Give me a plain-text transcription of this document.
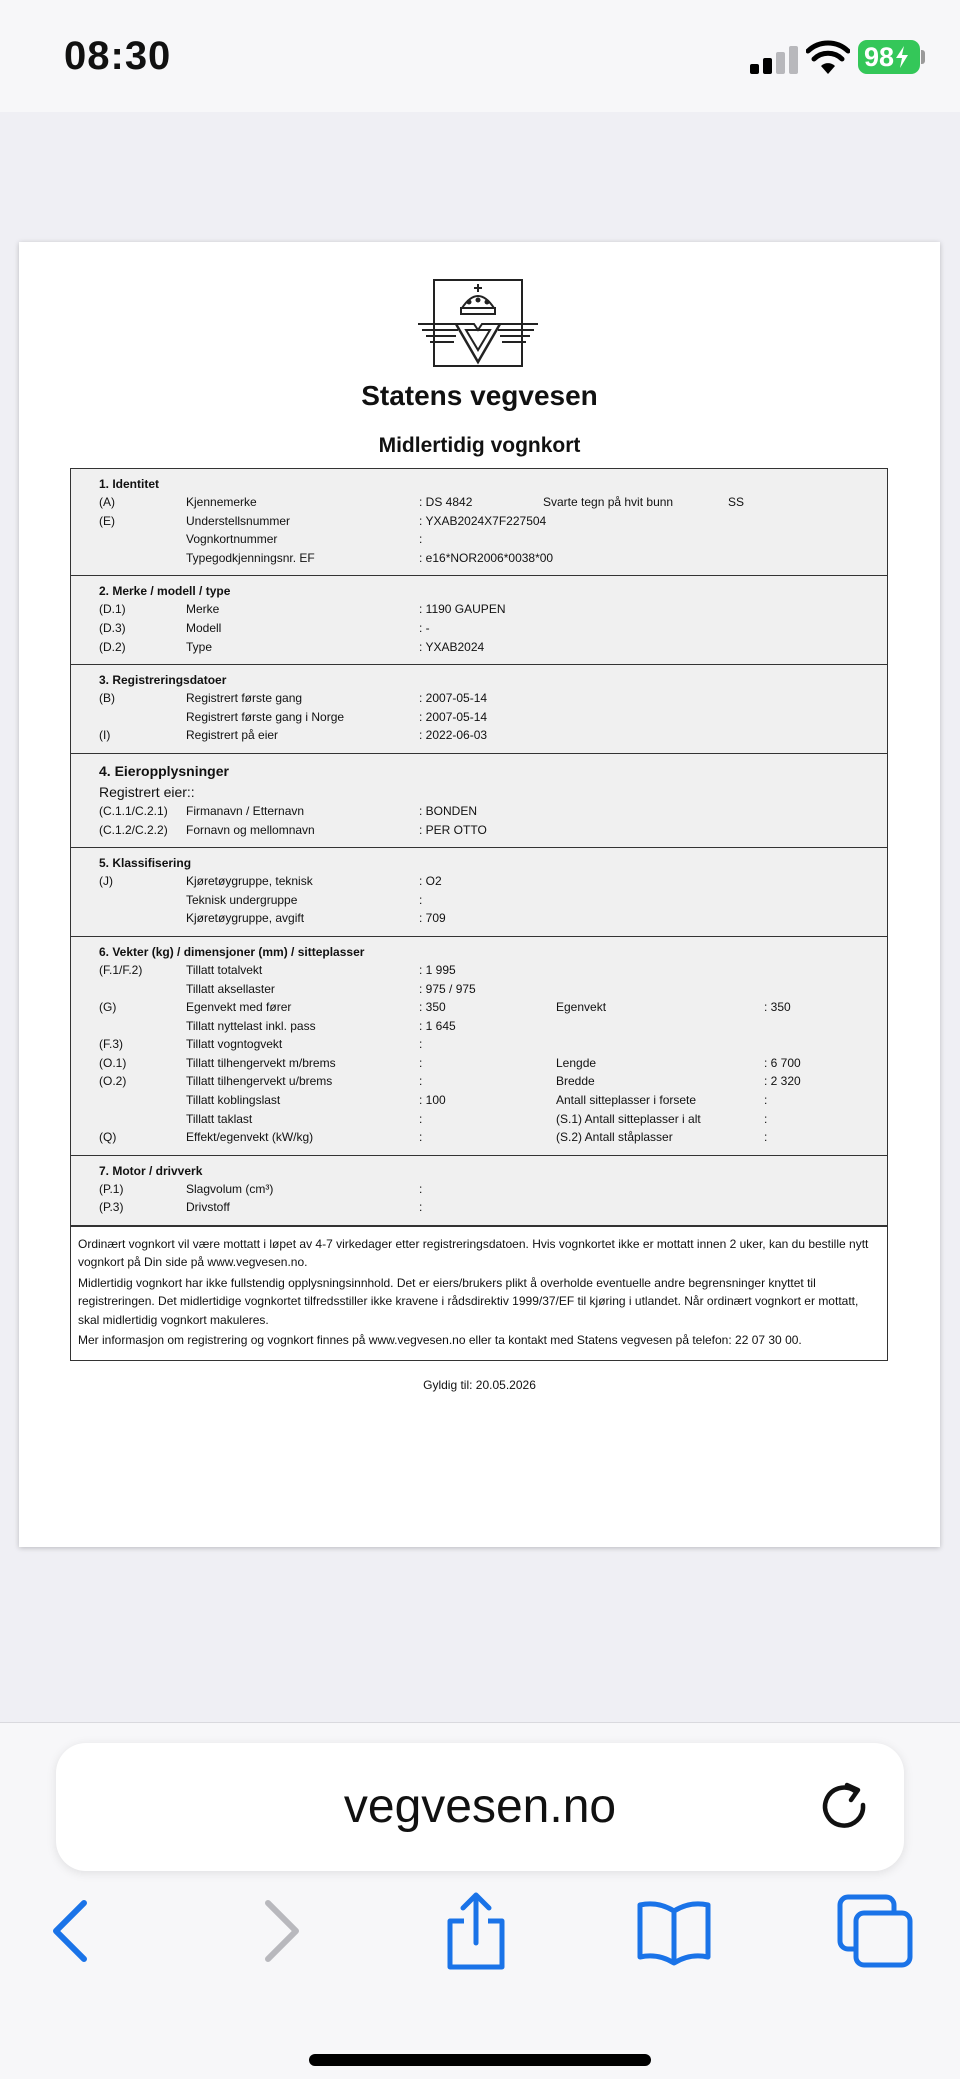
08:30	98
Statens vegvesen
Midlertidig vognkort
1. Identitet
(A)	Kjennemerke	: DS 4842	Svarte tegn på hvit bunn	SS
(E)	Understellsnummer	: YXAB2024X7F227504
Vognkortnummer	:
Typegodkjenningsnr. EF	: e16*NOR2006*0038*00
2. Merke / modell / type
(D.1)	Merke	: 1190 GAUPEN
(D.3)	Modell	: -
(D.2)	Type	: YXAB2024
3. Registreringsdatoer
(B)	Registrert første gang	: 2007-05-14
Registrert første gang i Norge	: 2007-05-14
(I)	Registrert på eier	: 2022-06-03
4. Eieropplysninger
Registrert eier::
(C.1.1/C.2.1) Firmanavn / Etternavn	: BONDEN
(C.1.2/C.2.2) Fornavn og mellomnavn	: PER OTTO
5. Klassifisering
(J)	Kjøretøygruppe, teknisk	: O2
Teknisk undergruppe	:
Kjøretøygruppe, avgift	: 709
6. Vekter (kg) / dimensjoner (mm) / sitteplasser
(F.1/F.2)	Tillatt totalvekt	: 1 995
Tillatt aksellaster	: 975 / 975
(G)	Egenvekt med fører	: 350	Egenvekt	: 350
Tillatt nyttelast inkl. pass	: 1 645
(F.3)	Tillatt vogntogvekt	:
(O.1)	Tillatt tilhengervekt m/brems	:	Lengde	: 6 700
(O.2)	Tillatt tilhengervekt u/brems	:	Bredde	: 2 320
Tillatt koblingslast	: 100	Antall sitteplasser i forsete	:
Tillatt taklast	:	(S.1) Antall sitteplasser i alt	:
(Q)	Effekt/egenvekt (kW/kg)	:	(S.2) Antall ståplasser	:
7. Motor / drivverk
(P.1)	Slagvolum (cm³)	:
(P.3)	Drivstoff	:

Ordinært vognkort vil være mottatt i løpet av 4-7 virkedager etter registreringsdatoen. Hvis vognkortet ikke er mottatt innen 2 uker, kan du bestille nytt vognkort på Din side på www.vegvesen.no.

Midlertidig vognkort har ikke fullstendig opplysningsinnhold. Det er eiers/brukers plikt å overholde eventuelle andre begrensninger knyttet til registreringen. Det midlertidige vognkortet tilfredsstiller ikke kravene i rådsdirektiv 1999/37/EF til kjøring i utlandet. Når ordinært vognkort er mottatt, skal midlertidig vognkort makuleres.

Mer informasjon om registrering og vognkort finnes på www.vegvesen.no eller ta kontakt med Statens vegvesen på telefon: 22 07 30 00.

Gyldig til: 20.05.2026
vegvesen.no
